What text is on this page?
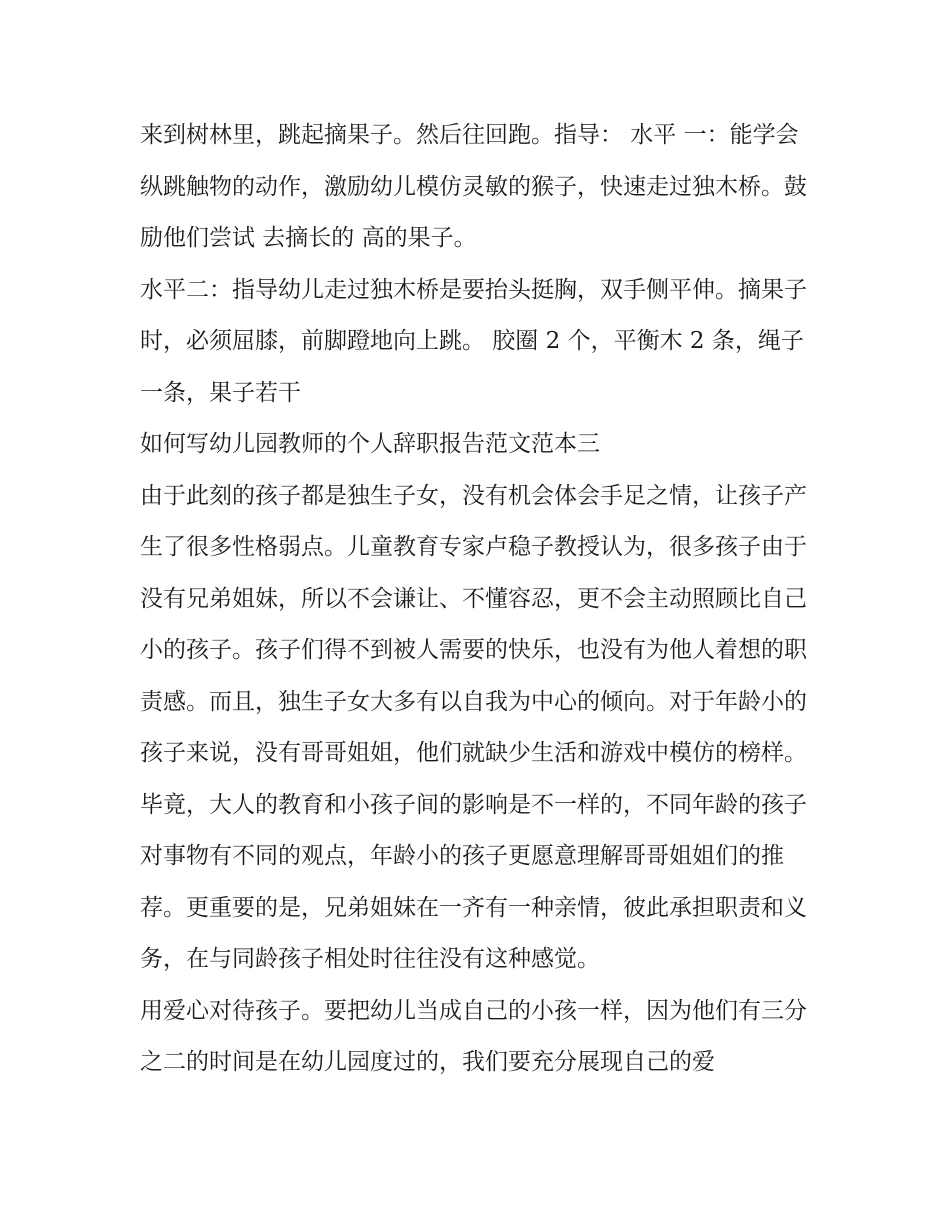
来到树林里，跳起摘果子。然后往回跑。指导： 水平 一：能学会纵跳触物的动作，激励幼儿模仿灵敏的猴子，快速走过独木桥。鼓励他们尝试 去摘长的 高的果子。

水平二：指导幼儿走过独木桥是要抬头挺胸，双手侧平伸。摘果子时，必须屈膝，前脚蹬地向上跳。 胶圈 2 个，平衡木 2 条，绳子一条，果子若干

如何写幼儿园教师的个人辞职报告范文范本三

由于此刻的孩子都是独生子女，没有机会体会手足之情，让孩子产生了很多性格弱点。儿童教育专家卢稳子教授认为，很多孩子由于没有兄弟姐妹，所以不会谦让、不懂容忍，更不会主动照顾比自己小的孩子。孩子们得不到被人需要的快乐，也没有为他人着想的职责感。而且，独生子女大多有以自我为中心的倾向。对于年龄小的孩子来说，没有哥哥姐姐，他们就缺少生活和游戏中模仿的榜样。毕竟，大人的教育和小孩子间的影响是不一样的，不同年龄的孩子对事物有不同的观点，年龄小的孩子更愿意理解哥哥姐姐们的推荐。更重要的是，兄弟姐妹在一齐有一种亲情，彼此承担职责和义务，在与同龄孩子相处时往往没有这种感觉。

用爱心对待孩子。要把幼儿当成自己的小孩一样，因为他们有三分之二的时间是在幼儿园度过的，我们要充分展现自己的爱
